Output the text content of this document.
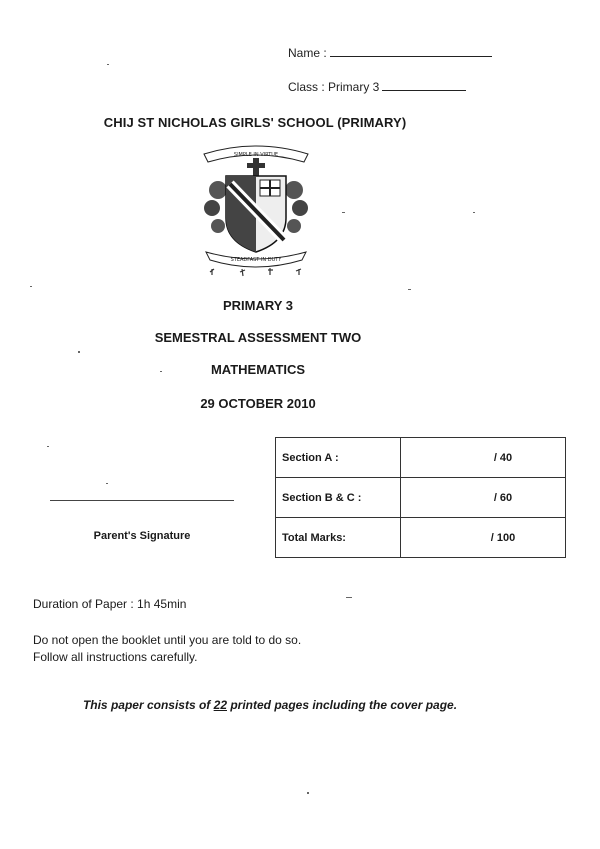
Name :
Class : Primary 3
CHIJ ST NICHOLAS GIRLS' SCHOOL (PRIMARY)
SIMPLE IN VIRTUE
STEADFAST IN DUTY
PRIMARY 3
SEMESTRAL ASSESSMENT TWO
MATHEMATICS
29 OCTOBER 2010
Parent's Signature
Section A :	/ 40
Section B & C :	/ 60
Total Marks:	/ 100
Duration of Paper : 1h 45min
Do not open the booklet until you are told to do so.
Follow all instructions carefully.
This paper consists of 22 printed pages including the cover page.
